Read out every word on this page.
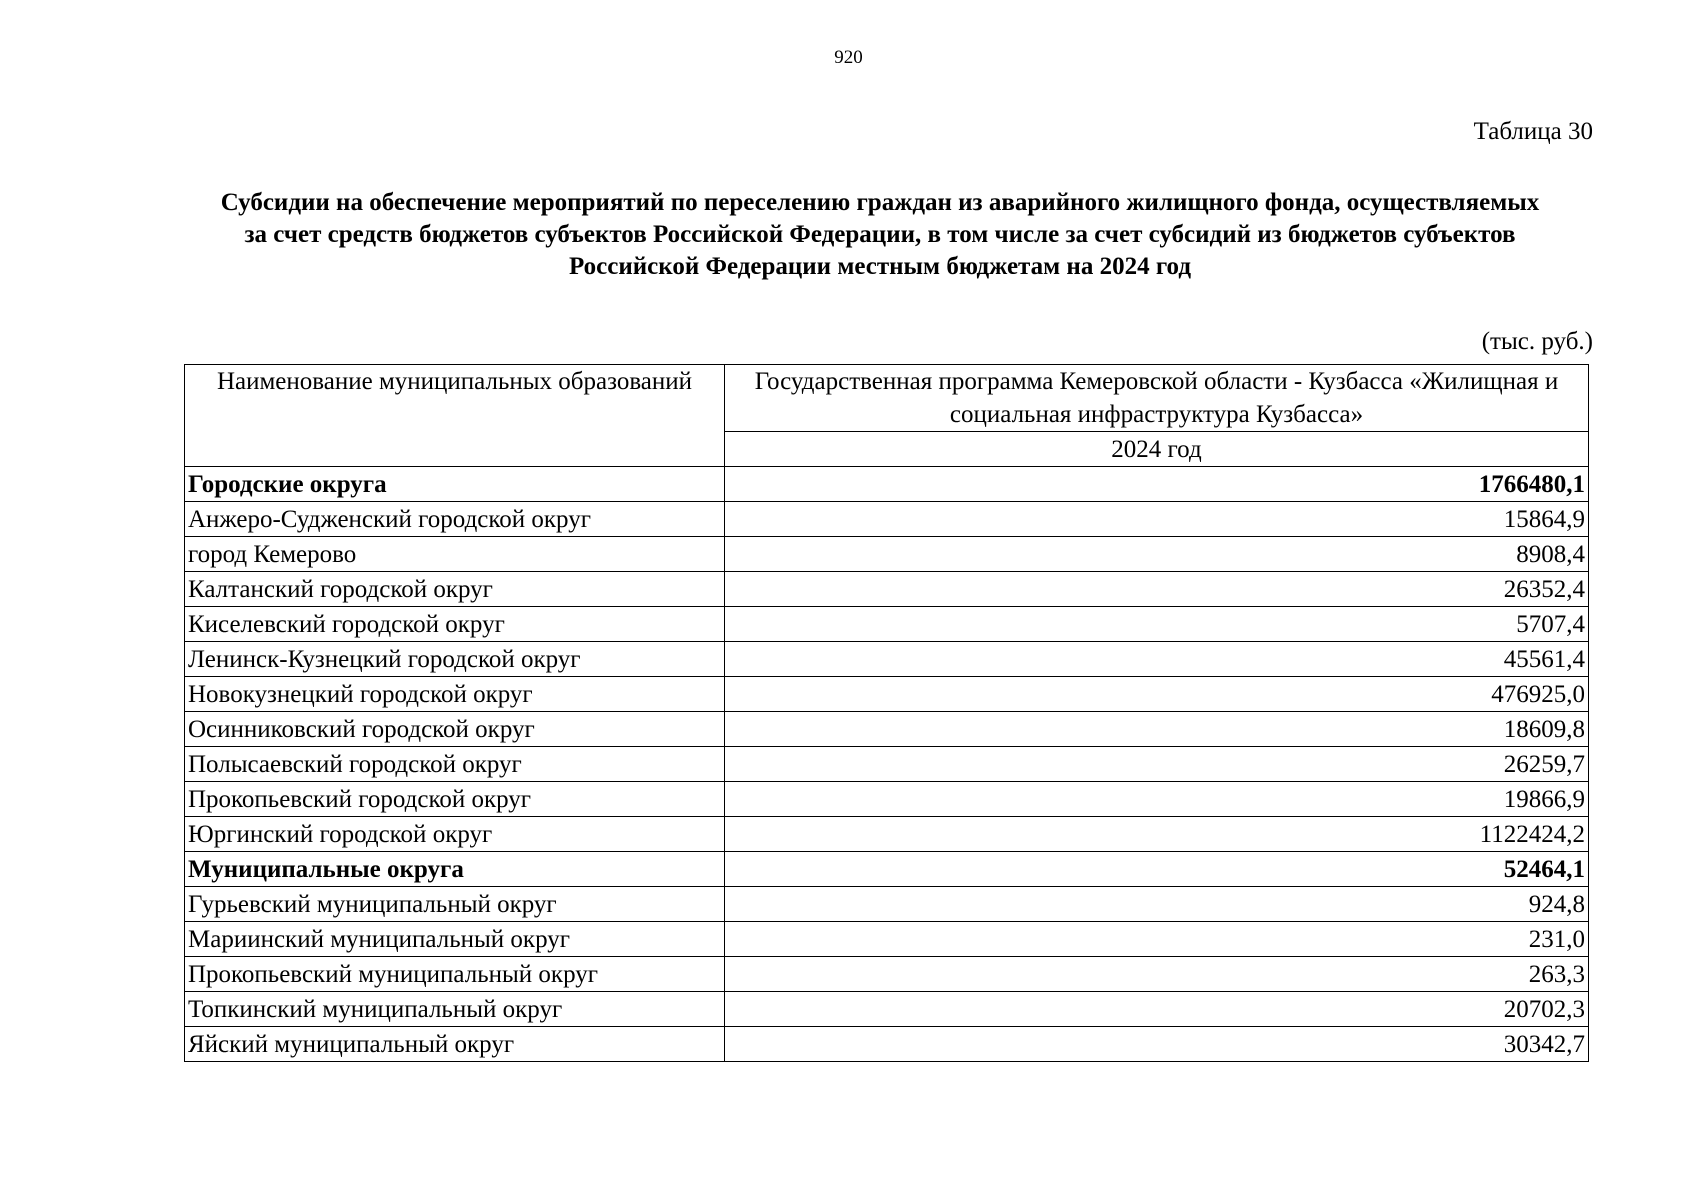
920
Таблица 30
Субсидии на обеспечение мероприятий по переселению граждан из аварийного жилищного фонда, осуществляемых
за счет средств бюджетов субъектов Российской Федерации, в том числе за счет субсидий из бюджетов субъектов
Российской Федерации местным бюджетам на 2024 год
(тыс. руб.)
Наименование муниципальных образований	Государственная программа Кемеровской области - Кузбасса «Жилищная и социальная инфраструктура Кузбасса»
	2024 год
Городские округа	1766480,1
Анжеро-Судженский городской округ	15864,9
город Кемерово	8908,4
Калтанский городской округ	26352,4
Киселевский городской округ	5707,4
Ленинск-Кузнецкий городской округ	45561,4
Новокузнецкий городской округ	476925,0
Осинниковский городской округ	18609,8
Полысаевский городской округ	26259,7
Прокопьевский городской округ	19866,9
Юргинский городской округ	1122424,2
Муниципальные округа	52464,1
Гурьевский муниципальный округ	924,8
Мариинский муниципальный округ	231,0
Прокопьевский муниципальный округ	263,3
Топкинский муниципальный округ	20702,3
Яйский муниципальный округ	30342,7
